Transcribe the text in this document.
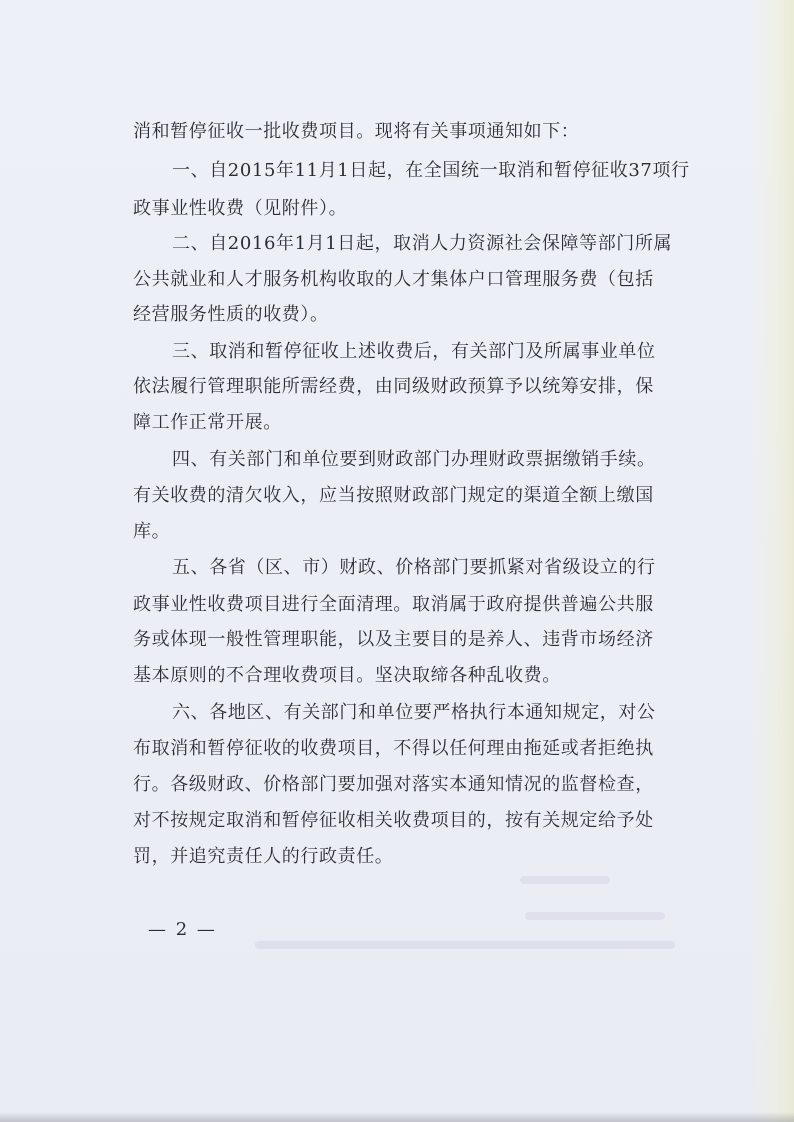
消和暂停征收一批收费项目。现将有关事项通知如下：
一、自2015年11月1日起，在全国统一取消和暂停征收37项行
政事业性收费（见附件）。
二、自2016年1月1日起，取消人力资源社会保障等部门所属
公共就业和人才服务机构收取的人才集体户口管理服务费（包括
经营服务性质的收费）。
三、取消和暂停征收上述收费后，有关部门及所属事业单位
依法履行管理职能所需经费，由同级财政预算予以统筹安排，保
障工作正常开展。
四、有关部门和单位要到财政部门办理财政票据缴销手续。
有关收费的清欠收入，应当按照财政部门规定的渠道全额上缴国
库。
五、各省（区、市）财政、价格部门要抓紧对省级设立的行
政事业性收费项目进行全面清理。取消属于政府提供普遍公共服
务或体现一般性管理职能，以及主要目的是养人、违背市场经济
基本原则的不合理收费项目。坚决取缔各种乱收费。
六、各地区、有关部门和单位要严格执行本通知规定，对公
布取消和暂停征收的收费项目，不得以任何理由拖延或者拒绝执
行。各级财政、价格部门要加强对落实本通知情况的监督检查，
对不按规定取消和暂停征收相关收费项目的，按有关规定给予处
罚，并追究责任人的行政责任。
— 2 —
